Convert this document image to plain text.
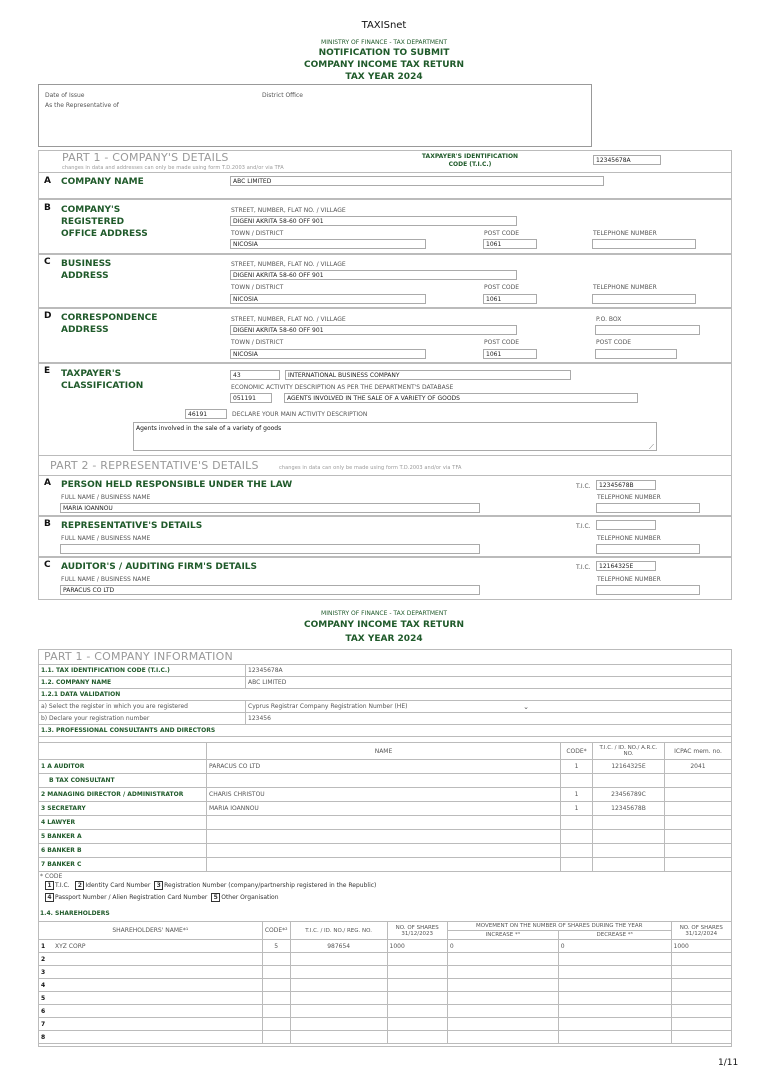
TAXISnet
MINISTRY OF FINANCE - TAX DEPARTMENT
NOTIFICATION TO SUBMIT
COMPANY INCOME TAX RETURN
TAX YEAR 2024
Date of Issue	District Office
As the Representative of
PART 1 - COMPANY'S DETAILS
changes in data and addresses can only be made using form T.D.2003 and/or via TFA
TAXPAYER'S IDENTIFICATION
CODE (T.I.C.)
12345678A
A COMPANY NAME	ABC LIMITED
B COMPANY'S
REGISTERED
OFFICE ADDRESS
STREET, NUMBER, FLAT NO. / VILLAGE
DIGENI AKRITA 58-60 OFF 901
TOWN / DISTRICT	POST CODE	TELEPHONE NUMBER
NICOSIA	1061
C BUSINESS
ADDRESS
STREET, NUMBER, FLAT NO. / VILLAGE
DIGENI AKRITA 58-60 OFF 901
TOWN / DISTRICT	POST CODE	TELEPHONE NUMBER
NICOSIA	1061
D CORRESPONDENCE
ADDRESS
STREET, NUMBER, FLAT NO. / VILLAGE	P.O. BOX
DIGENI AKRITA 58-60 OFF 901
TOWN / DISTRICT	POST CODE	POST CODE
NICOSIA	1061
E TAXPAYER'S
CLASSIFICATION
43	INTERNATIONAL BUSINESS COMPANY
ECONOMIC ACTIVITY DESCRIPTION AS PER THE DEPARTMENT'S DATABASE
051191	AGENTS INVOLVED IN THE SALE OF A VARIETY OF GOODS
46191	DECLARE YOUR MAIN ACTIVITY DESCRIPTION
Agents involved in the sale of a variety of goods
⟋
PART 2 - REPRESENTATIVE'S DETAILS	changes in data can only be made using form T.D.2003 and/or via TFA
A PERSON HELD RESPONSIBLE UNDER THE LAW	T.I.C.	12345678B
FULL NAME / BUSINESS NAME	TELEPHONE NUMBER
MARIA IOANNOU
B REPRESENTATIVE'S DETAILS	T.I.C.
FULL NAME / BUSINESS NAME	TELEPHONE NUMBER
C AUDITOR'S / AUDITING FIRM'S DETAILS	T.I.C.	12164325E
FULL NAME / BUSINESS NAME	TELEPHONE NUMBER
PARACUS CO LTD
MINISTRY OF FINANCE - TAX DEPARTMENT
COMPANY INCOME TAX RETURN
TAX YEAR 2024
PART 1 - COMPANY INFORMATION
1.1. TAX IDENTIFICATION CODE (T.I.C.)	12345678A
1.2. COMPANY NAME	ABC LIMITED
1.2.1 DATA VALIDATION	
a) Select the register in which you are registered	Cyprus Registrar Company Registration Number (HE) ⌄

b) Declare your registration number	123456
1.3. PROFESSIONAL CONSULTANTS AND DIRECTORS	
	NAME	CODE*	T.I.C. / ID. NO./ A.R.C. NO.	ICPAC mem. no.
1 A AUDITOR	PARACUS CO LTD	1	12164325E	2041
B TAX CONSULTANT				
2 MANAGING DIRECTOR / ADMINISTRATOR	CHARIS CHRISTOU	1	23456789C	
3 SECRETARY	MARIA IOANNOU	1	12345678B	
4 LAWYER				
5 BANKER A				
6 BANKER B				
7 BANKER C				
* CODE
1 T.I.C. 2 Identity Card Number 3 Registration Number (company/partnership registered in the Republic)
4 Passport Number / Alien Registration Card Number 5 Other Organisation
1.4. SHAREHOLDERS
SHAREHOLDERS' NAME*¹	CODE*²	T.I.C. / ID. NO./ REG. NO.	NO. OF SHARES 31/12/2023	MOVEMENT ON THE NUMBER OF SHARES DURING THE YEAR		NO. OF SHARES 31/12/2024
				INCREASE *³	DECREASE *³	
1 XYZ CORP	5	987654	1000	0	0	1000
2						
3						
4						
5						
6						
7						
8						
1/11
